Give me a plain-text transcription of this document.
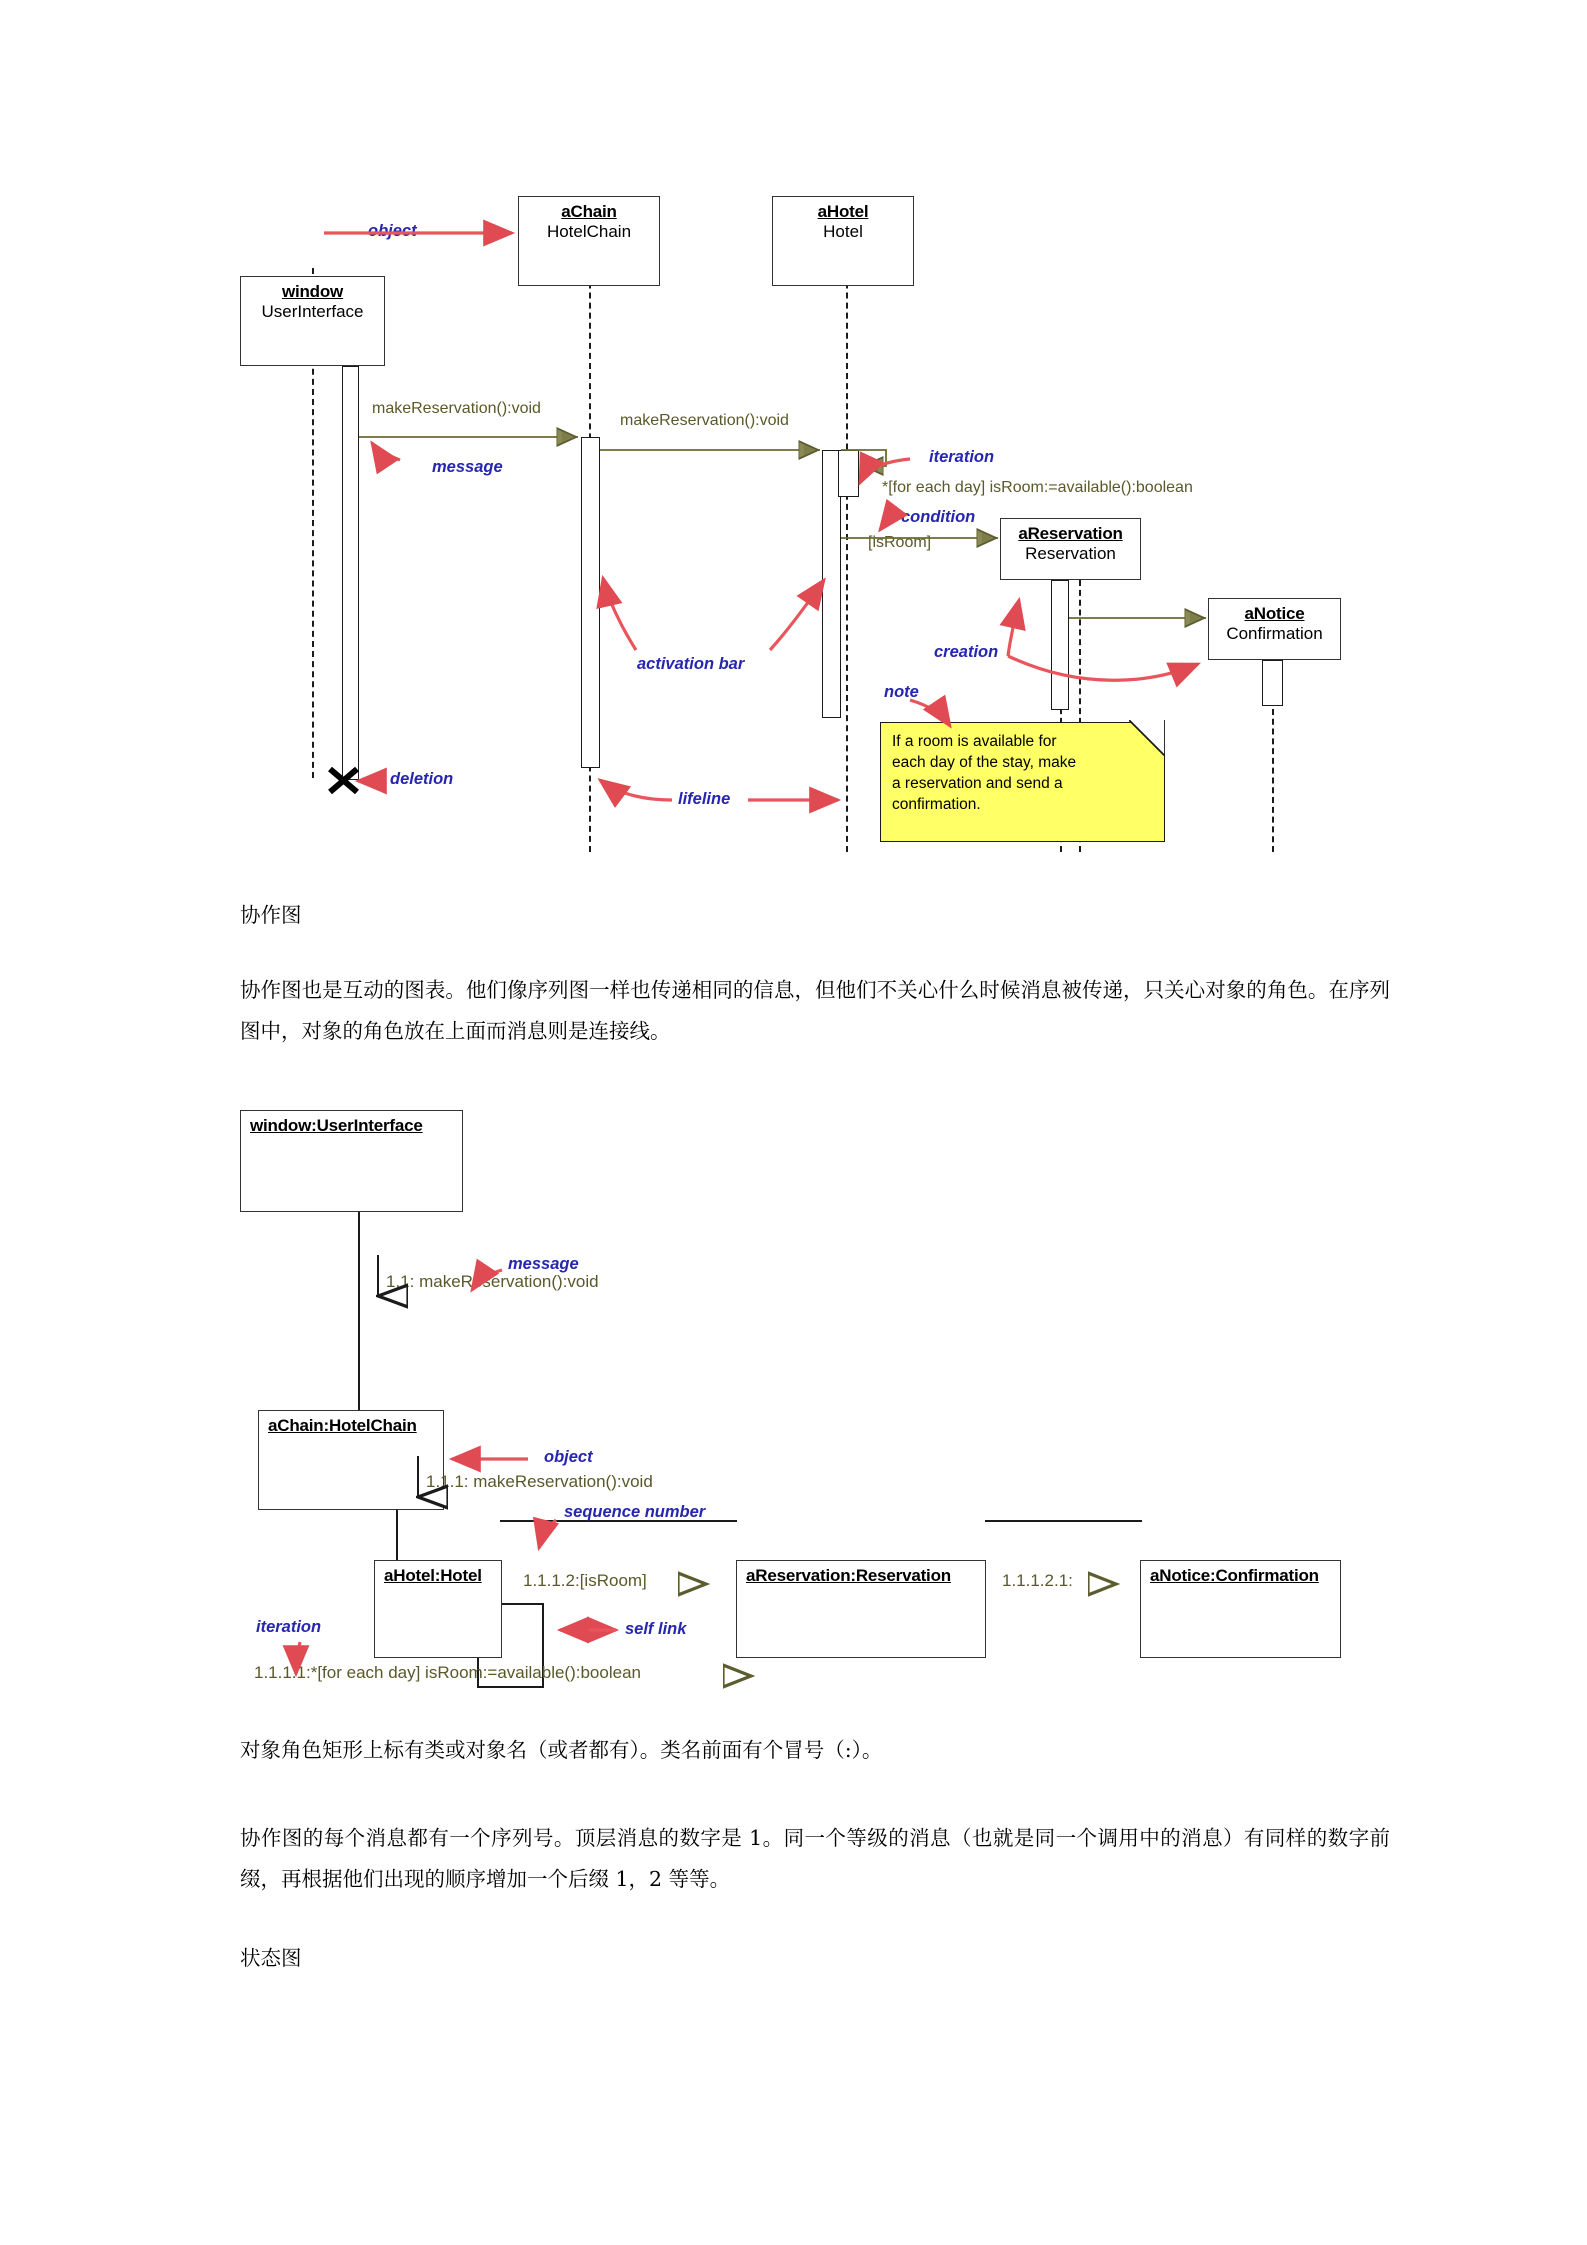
aChain
HotelChain
aHotel
Hotel
window
UserInterface
aReservation
Reservation
aNotice
Confirmation
makeReservation():void
makeReservation():void
*[for each day] isRoom:=available():boolean
[isRoom]
object
message
iteration
condition
activation bar
creation
note
deletion
lifeline
If a room is available for
each day of the stay, make
a reservation and send a
confirmation.
协作图
协作图也是互动的图表。他们像序列图一样也传递相同的信息，但他们不关心什么时候消息被传递，只关心对象的角色。在序列图中，对象的角色放在上面而消息则是连接线。
window:UserInterface
aChain:HotelChain
aHotel:Hotel	aReservation:Reservation	aNotice:Confirmation
1.1: makeReservation():void
1.1.1: makeReservation():void
1.1.1.2:[isRoom]	1.1.1.2.1:
1.1.1.1:*[for each day] isRoom:=available():boolean
message
object
sequence number
self link
iteration
对象角色矩形上标有类或对象名（或者都有）。类名前面有个冒号（:）。
协作图的每个消息都有一个序列号。顶层消息的数字是 1。同一个等级的消息（也就是同一个调用中的消息）有同样的数字前缀，再根据他们出现的顺序增加一个后缀 1，2 等等。
状态图
